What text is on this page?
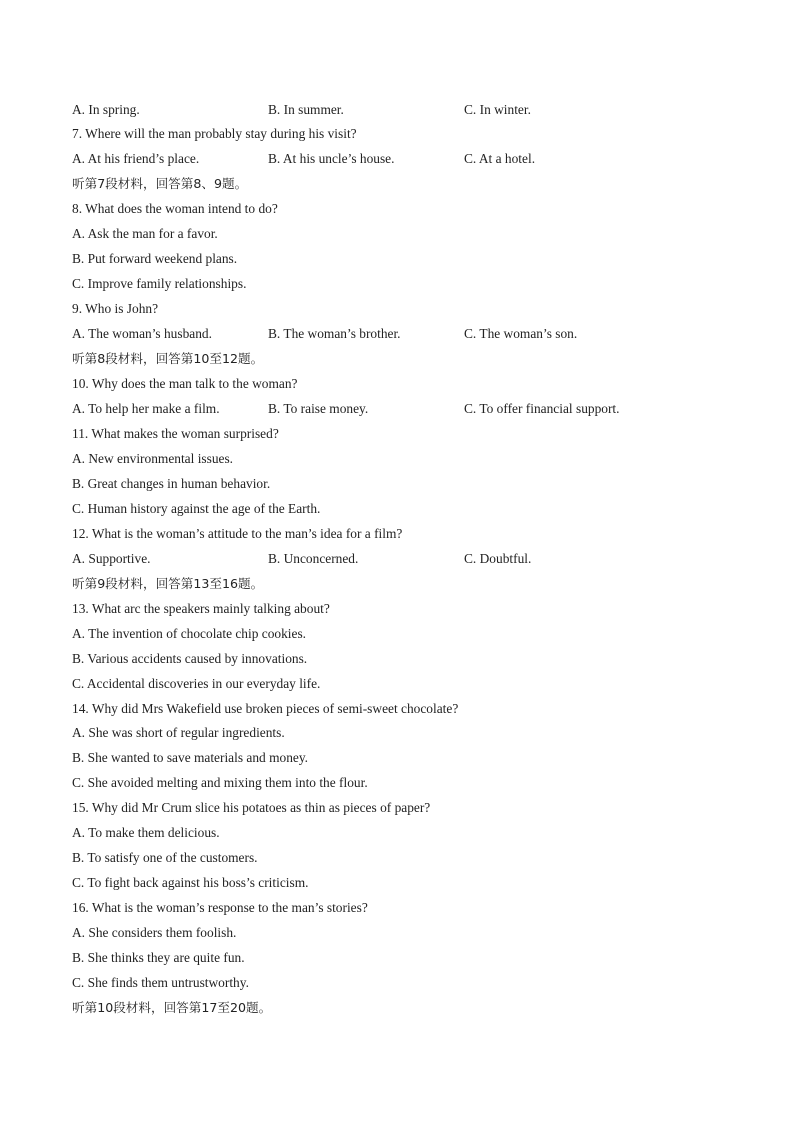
A. In spring.	B. In summer.	C. In winter.
7. Where will the man probably stay during his visit?
A. At his friend’s place.	B. At his uncle’s house.	C. At a hotel.
听第7段材料，回答第8、9题。
8. What does the woman intend to do?
A. Ask the man for a favor.
B. Put forward weekend plans.
C. Improve family relationships.
9. Who is John?
A. The woman’s husband.	B. The woman’s brother.	C. The woman’s son.
听第8段材料，回答第10至12题。
10. Why does the man talk to the woman?
A. To help her make a film.	B. To raise money.	C. To offer financial support.
11. What makes the woman surprised?
A. New environmental issues.
B. Great changes in human behavior.
C. Human history against the age of the Earth.
12. What is the woman’s attitude to the man’s idea for a film?
A. Supportive.	B. Unconcerned.	C. Doubtful.
听第9段材料，回答第13至16题。
13. What arc the speakers mainly talking about?
A. The invention of chocolate chip cookies.
B. Various accidents caused by innovations.
C. Accidental discoveries in our everyday life.
14. Why did Mrs Wakefield use broken pieces of semi-sweet chocolate?
A. She was short of regular ingredients.
B. She wanted to save materials and money.
C. She avoided melting and mixing them into the flour.
15. Why did Mr Crum slice his potatoes as thin as pieces of paper?
A. To make them delicious.
B. To satisfy one of the customers.
C. To fight back against his boss’s criticism.
16. What is the woman’s response to the man’s stories?
A. She considers them foolish.
B. She thinks they are quite fun.
C. She finds them untrustworthy.
听第10段材料，回答第17至20题。
